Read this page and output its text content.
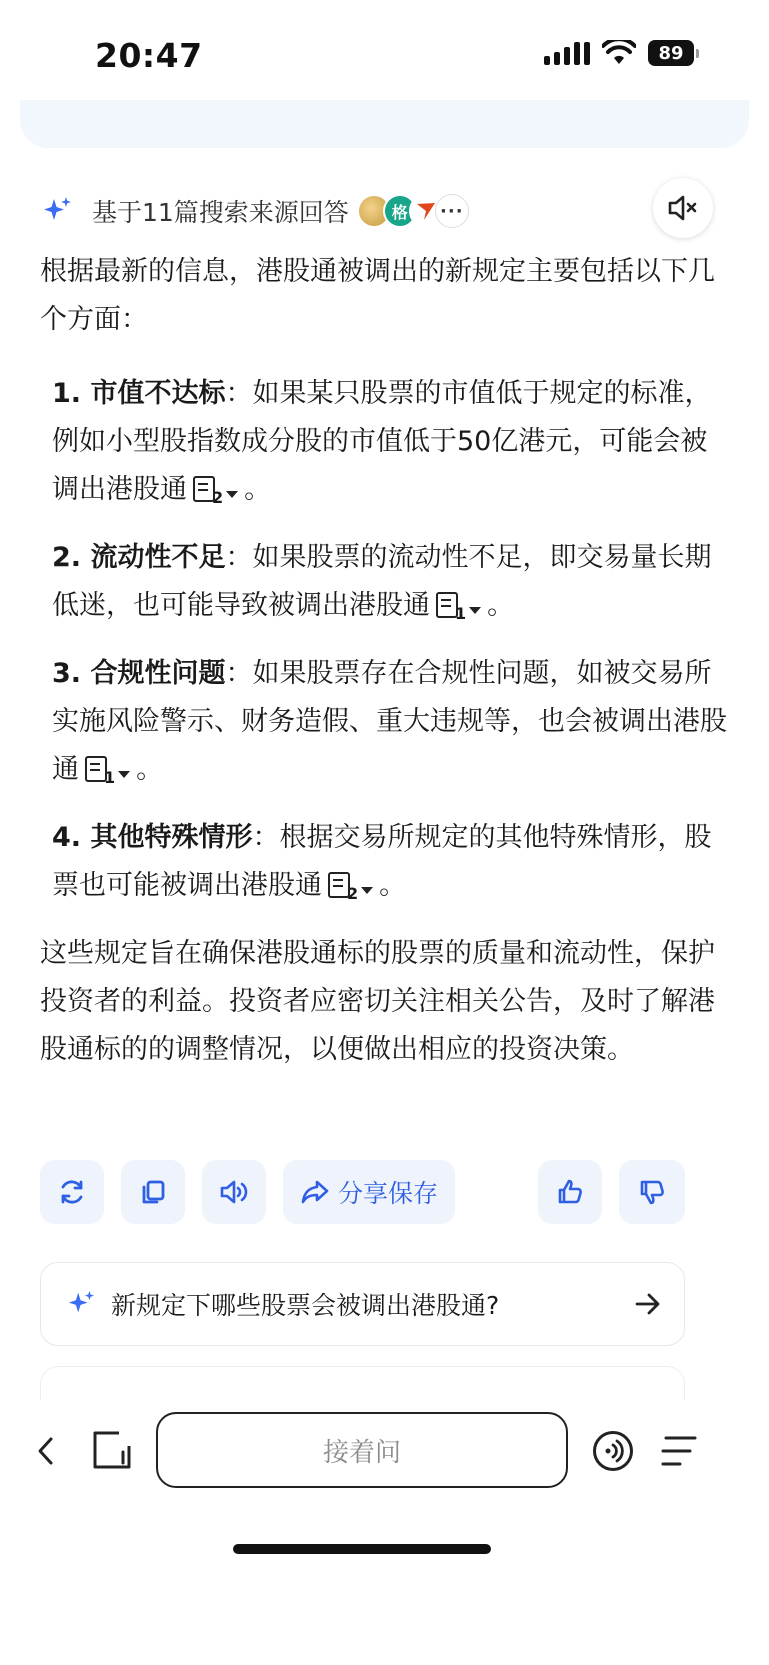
20:47	89
基于11篇搜索来源回答	格	···

根据最新的信息，港股通被调出的新规定主要包括以下几个方面：

1. 市值不达标：如果某只股票的市值低于规定的标准，例如小型股指数成分股的市值低于50亿港元，可能会被调出港股通 2 。

2. 流动性不足：如果股票的流动性不足，即交易量长期低迷，也可能导致被调出港股通 1 。

3. 合规性问题：如果股票存在合规性问题，如被交易所实施风险警示、财务造假、重大违规等，也会被调出港股通 1 。

4. 其他特殊情形：根据交易所规定的其他特殊情形，股票也可能被调出港股通 2 。

这些规定旨在确保港股通标的股票的质量和流动性，保护投资者的利益。投资者应密切关注相关公告，及时了解港股通标的的调整情况，以便做出相应的投资决策。

分享保存
新规定下哪些股票会被调出港股通?
接着问
